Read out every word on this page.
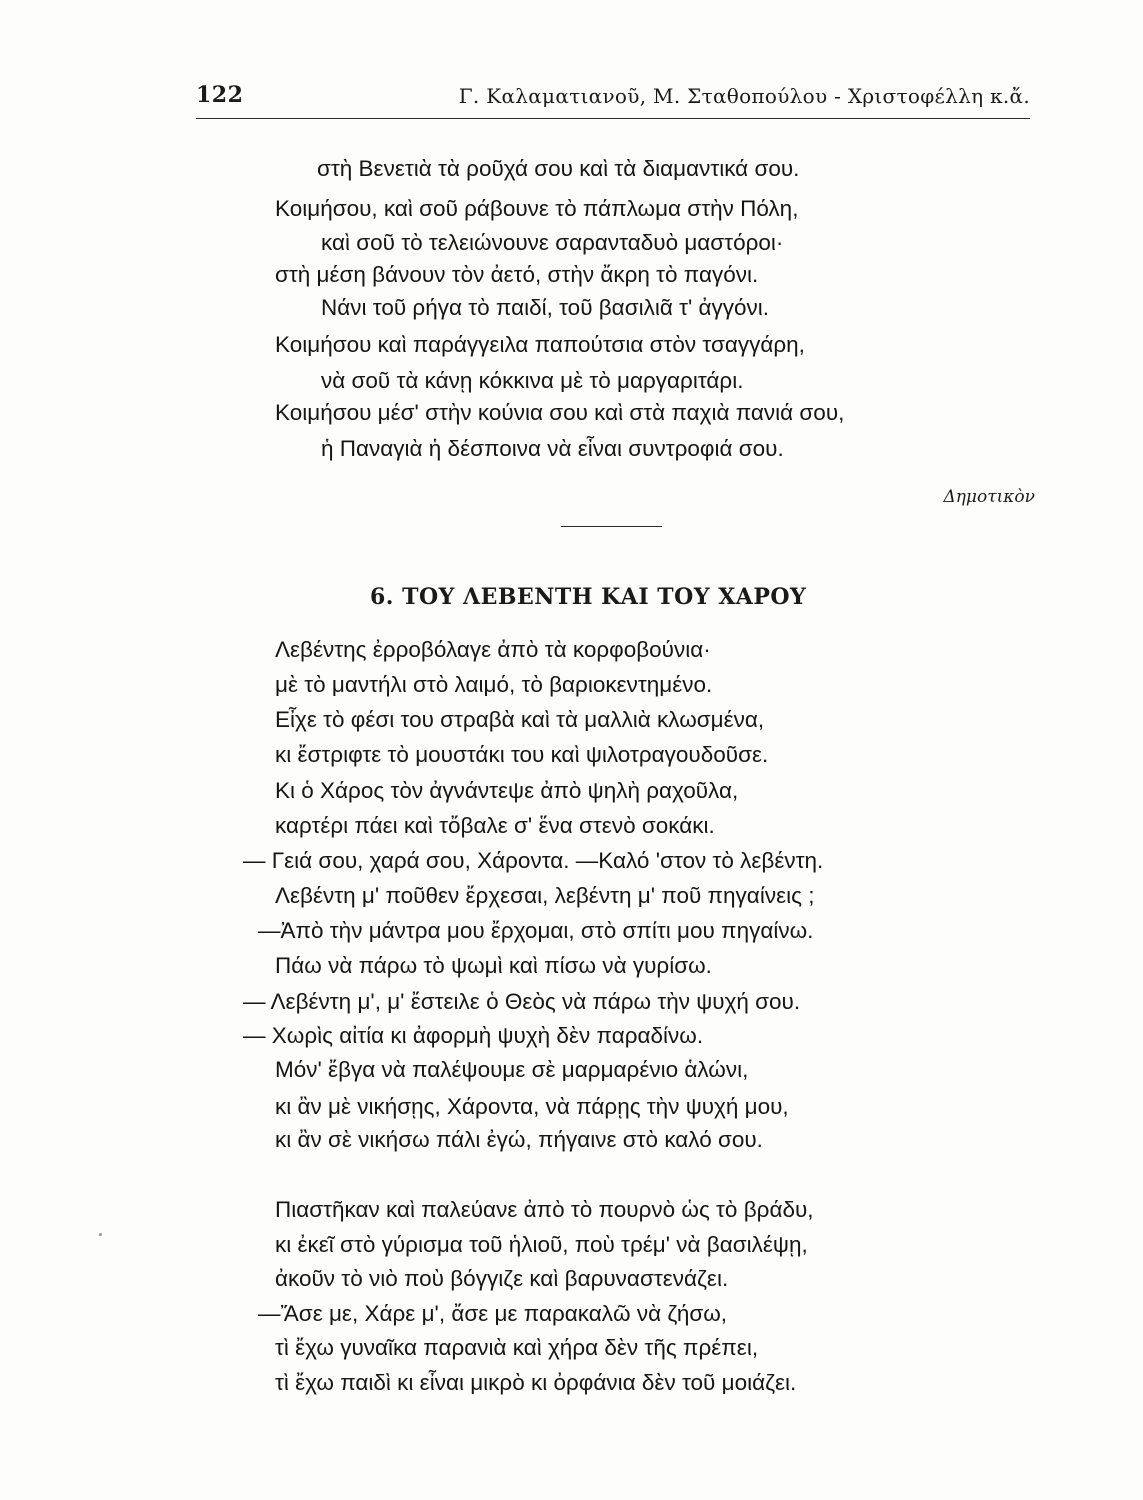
122	Γ. Καλαματιανοῦ, Μ. Σταθοπούλου - Χριστοφέλλη κ.ἄ.
στὴ Βενετιὰ τὰ ροῦχά σου καὶ τὰ διαμαντικά σου.
Κοιμήσου, καὶ σοῦ ράβουνε τὸ πάπλωμα στὴν Πόλη,
καὶ σοῦ τὸ τελειώνουνε σαρανταδυὸ μαστόροι·
στὴ μέση βάνουν τὸν ἀετό, στὴν ἄκρη τὸ παγόνι.
Νάνι τοῦ ρήγα τὸ παιδί, τοῦ βασιλιᾶ τ' ἀγγόνι.
Κοιμήσου καὶ παράγγειλα παπούτσια στὸν τσαγγάρη,
νὰ σοῦ τὰ κάνῃ κόκκινα μὲ τὸ μαργαριτάρι.
Κοιμήσου μέσ' στὴν κούνια σου καὶ στὰ παχιὰ πανιά σου,
ἡ Παναγιὰ ἡ δέσποινα νὰ εἶναι συντροφιά σου.
Δημοτικὸν
6. ΤΟΥ ΛΕΒΕΝΤΗ ΚΑΙ ΤΟΥ ΧΑΡΟΥ
Λεβέντης ἐρροβόλαγε ἀπὸ τὰ κορφοβούνια·
μὲ τὸ μαντήλι στὸ λαιμό, τὸ βαριοκεντημένο.
Εἶχε τὸ φέσι του στραβὰ καὶ τὰ μαλλιὰ κλωσμένα,
κι ἔστριφτε τὸ μουστάκι του καὶ ψιλοτραγουδοῦσε.
Κι ὁ Χάρος τὸν ἀγνάντεψε ἀπὸ ψηλὴ ραχοῦλα,
καρτέρι πάει καὶ τὄβαλε σ' ἕνα στενὸ σοκάκι.
— Γειά σου, χαρά σου, Χάροντα. —Καλό 'στον τὸ λεβέντη.
Λεβέντη μ' ποῦθεν ἔρχεσαι, λεβέντη μ' ποῦ πηγαίνεις ;
—Ἀπὸ τὴν μάντρα μου ἔρχομαι, στὸ σπίτι μου πηγαίνω.
Πάω νὰ πάρω τὸ ψωμὶ καὶ πίσω νὰ γυρίσω.
— Λεβέντη μ', μ' ἔστειλε ὁ Θεὸς νὰ πάρω τὴν ψυχή σου.
— Χωρὶς αἰτία κι ἀφορμὴ ψυχὴ δὲν παραδίνω.
Μόν' ἔβγα νὰ παλέψουμε σὲ μαρμαρένιο ἁλώνι,
κι ἂν μὲ νικήσῃς, Χάροντα, νὰ πάρῃς τὴν ψυχή μου,
κι ἂν σὲ νικήσω πάλι ἐγώ, πήγαινε στὸ καλό σου.
Πιαστῆκαν καὶ παλεύανε ἀπὸ τὸ πουρνὸ ὡς τὸ βράδυ,
κι ἐκεῖ στὸ γύρισμα τοῦ ἡλιοῦ, ποὺ τρέμ' νὰ βασιλέψῃ,
ἀκοῦν τὸ νιὸ ποὺ βόγγιζε καὶ βαρυναστενάζει.
—Ἄσε με, Χάρε μ', ἄσε με παρακαλῶ νὰ ζήσω,
τὶ ἔχω γυναῖκα παρανιὰ καὶ χήρα δὲν τῆς πρέπει,
τὶ ἔχω παιδὶ κι εἶναι μικρὸ κι ὀρφάνια δὲν τοῦ μοιάζει.
